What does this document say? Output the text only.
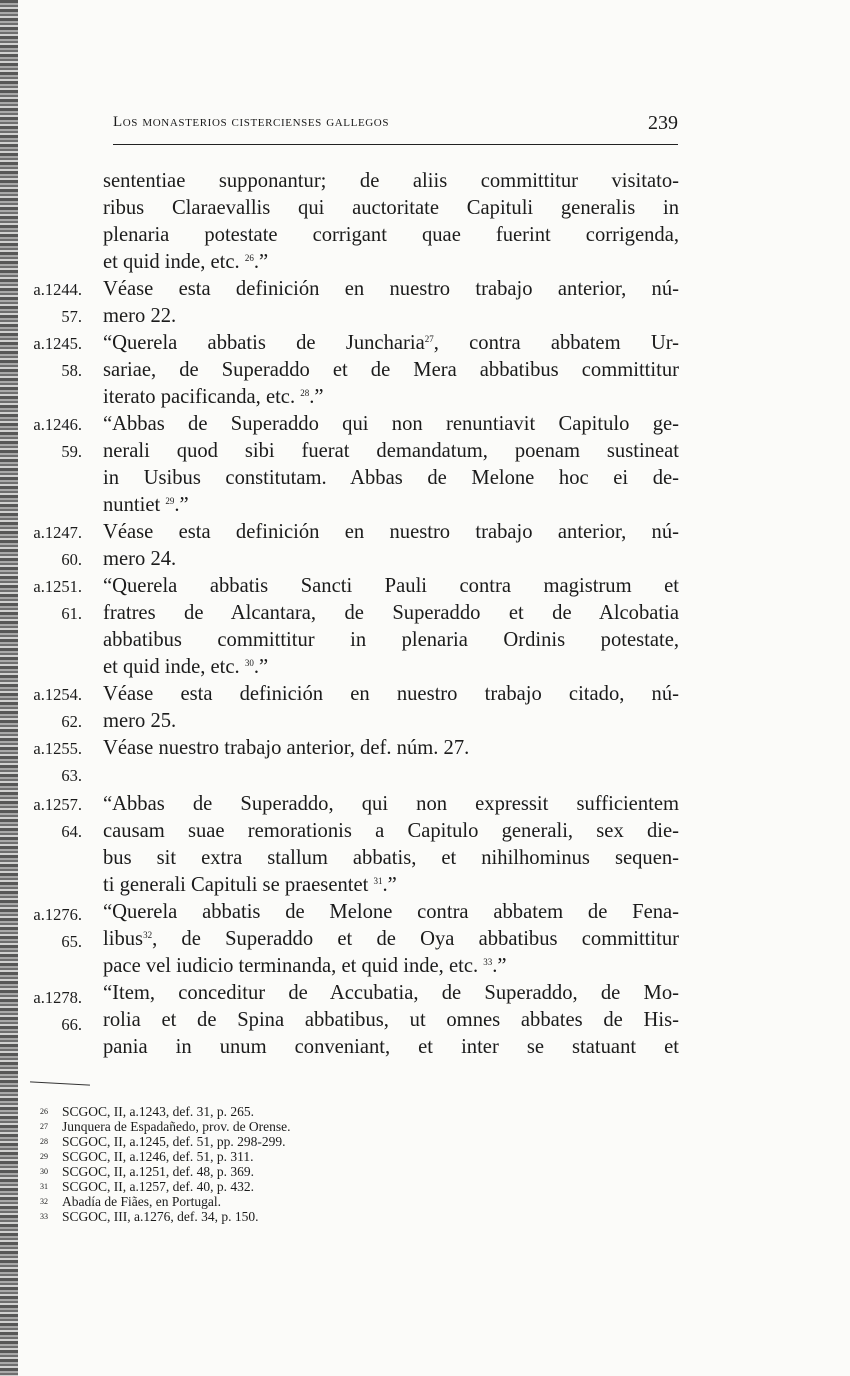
Los monasterios cistercienses gallegos	239
sententiae supponantur; de aliis committitur visitato-
ribus Claraevallis qui auctoritate Capituli generalis in
plenaria potestate corrigant quae fuerint corrigenda,
et quid inde, etc. $^{26}$.”
Véase esta definición en nuestro trabajo anterior, nú-
mero 22.
“Querela abbatis de Juncharia$^{27}$, contra abbatem Ur-
sariae, de Superaddo et de Mera abbatibus committitur
iterato pacificanda, etc. $^{28}$.”
“Abbas de Superaddo qui non renuntiavit Capitulo ge-
nerali quod sibi fuerat demandatum, poenam sustineat
in Usibus constitutam. Abbas de Melone hoc ei de-
nuntiet $^{29}$.”
Véase esta definición en nuestro trabajo anterior, nú-
mero 24.
“Querela abbatis Sancti Pauli contra magistrum et
fratres de Alcantara, de Superaddo et de Alcobatia
abbatibus committitur in plenaria Ordinis potestate,
et quid inde, etc. $^{30}$.”
Véase esta definición en nuestro trabajo citado, nú-
mero 25.
Véase nuestro trabajo anterior, def. núm. 27.
“Abbas de Superaddo, qui non expressit sufficientem
causam suae remorationis a Capitulo generali, sex die-
bus sit extra stallum abbatis, et nihilhominus sequen-
ti generali Capituli se praesentet $^{31}$.”
“Querela abbatis de Melone contra abbatem de Fena-
libus$^{32}$, de Superaddo et de Oya abbatibus committitur
pace vel iudicio terminanda, et quid inde, etc. $^{33}$.”
“Item, conceditur de Accubatia, de Superaddo, de Mo-
rolia et de Spina abbatibus, ut omnes abbates de His-
pania in unum conveniant, et inter se statuant et
a.1244.
57.
a.1245.
58.
a.1246.
59.
a.1247.
60.
a.1251.
61.
a.1254.
62.
a.1255.
63.
a.1257.
64.
a.1276.
65.
a.1278.
66.
26 SCGOC, II, a.1243, def. 31, p. 265.
27 Junquera de Espadañedo, prov. de Orense.
28 SCGOC, II, a.1245, def. 51, pp. 298-299.
29 SCGOC, II, a.1246, def. 51, p. 311.
30 SCGOC, II, a.1251, def. 48, p. 369.
31 SCGOC, II, a.1257, def. 40, p. 432.
32 Abadía de Fiães, en Portugal.
33 SCGOC, III, a.1276, def. 34, p. 150.
